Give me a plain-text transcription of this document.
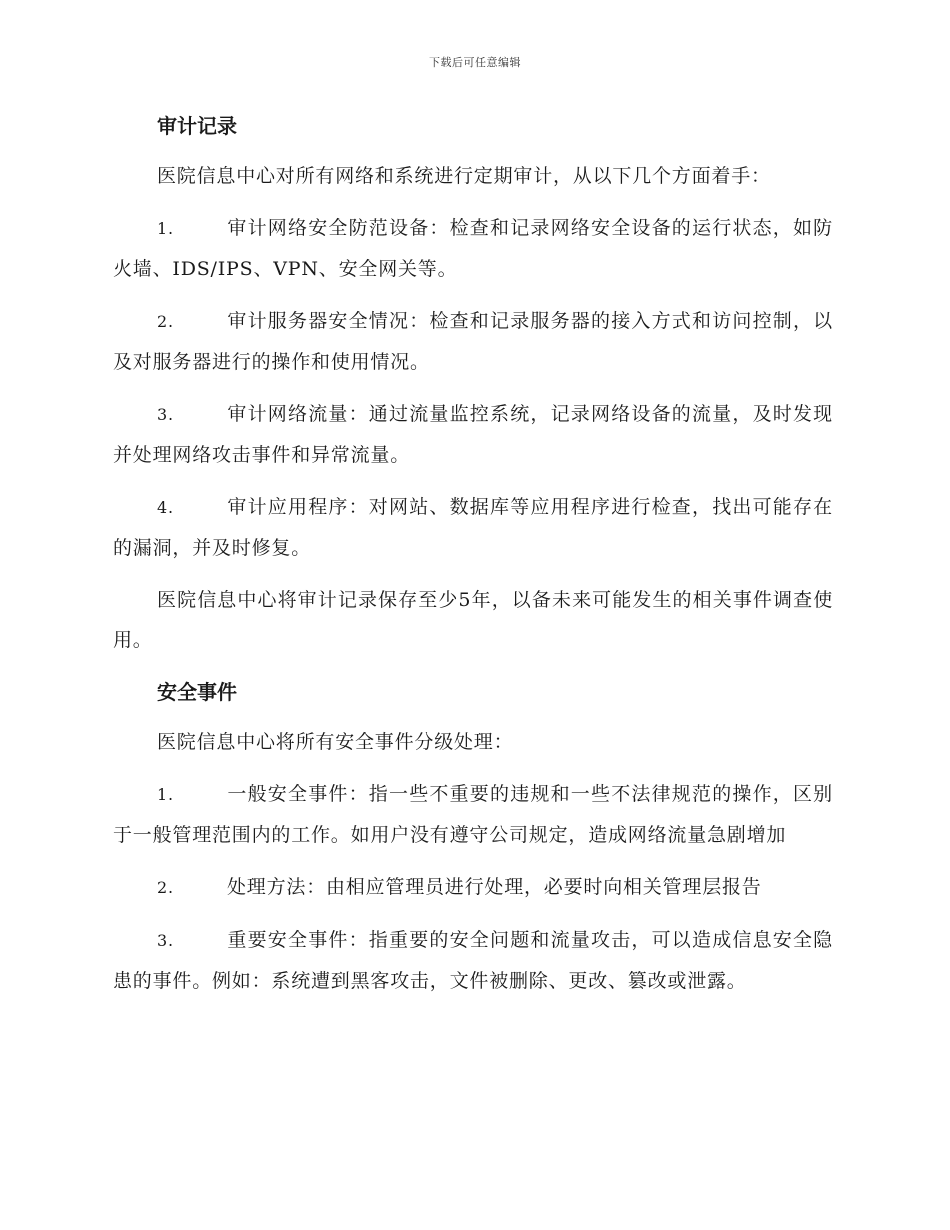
下载后可任意编辑
审计记录

医院信息中心对所有网络和系统进行定期审计，从以下几个方面着手：

1.	审计网络安全防范设备：检查和记录网络安全设备的运行状态，如防火墙、IDS/IPS、VPN、安全网关等。

2.	审计服务器安全情况：检查和记录服务器的接入方式和访问控制，以及对服务器进行的操作和使用情况。

3.	审计网络流量：通过流量监控系统，记录网络设备的流量，及时发现并处理网络攻击事件和异常流量。

4.	审计应用程序：对网站、数据库等应用程序进行检查，找出可能存在的漏洞，并及时修复。

医院信息中心将审计记录保存至少5年，以备未来可能发生的相关事件调查使用。

安全事件

医院信息中心将所有安全事件分级处理：

1.	一般安全事件：指一些不重要的违规和一些不法律规范的操作，区别于一般管理范围内的工作。如用户没有遵守公司规定，造成网络流量急剧增加

2.	处理方法：由相应管理员进行处理，必要时向相关管理层报告

3.	重要安全事件：指重要的安全问题和流量攻击，可以造成信息安全隐患的事件。例如：系统遭到黑客攻击，文件被删除、更改、篡改或泄露。
